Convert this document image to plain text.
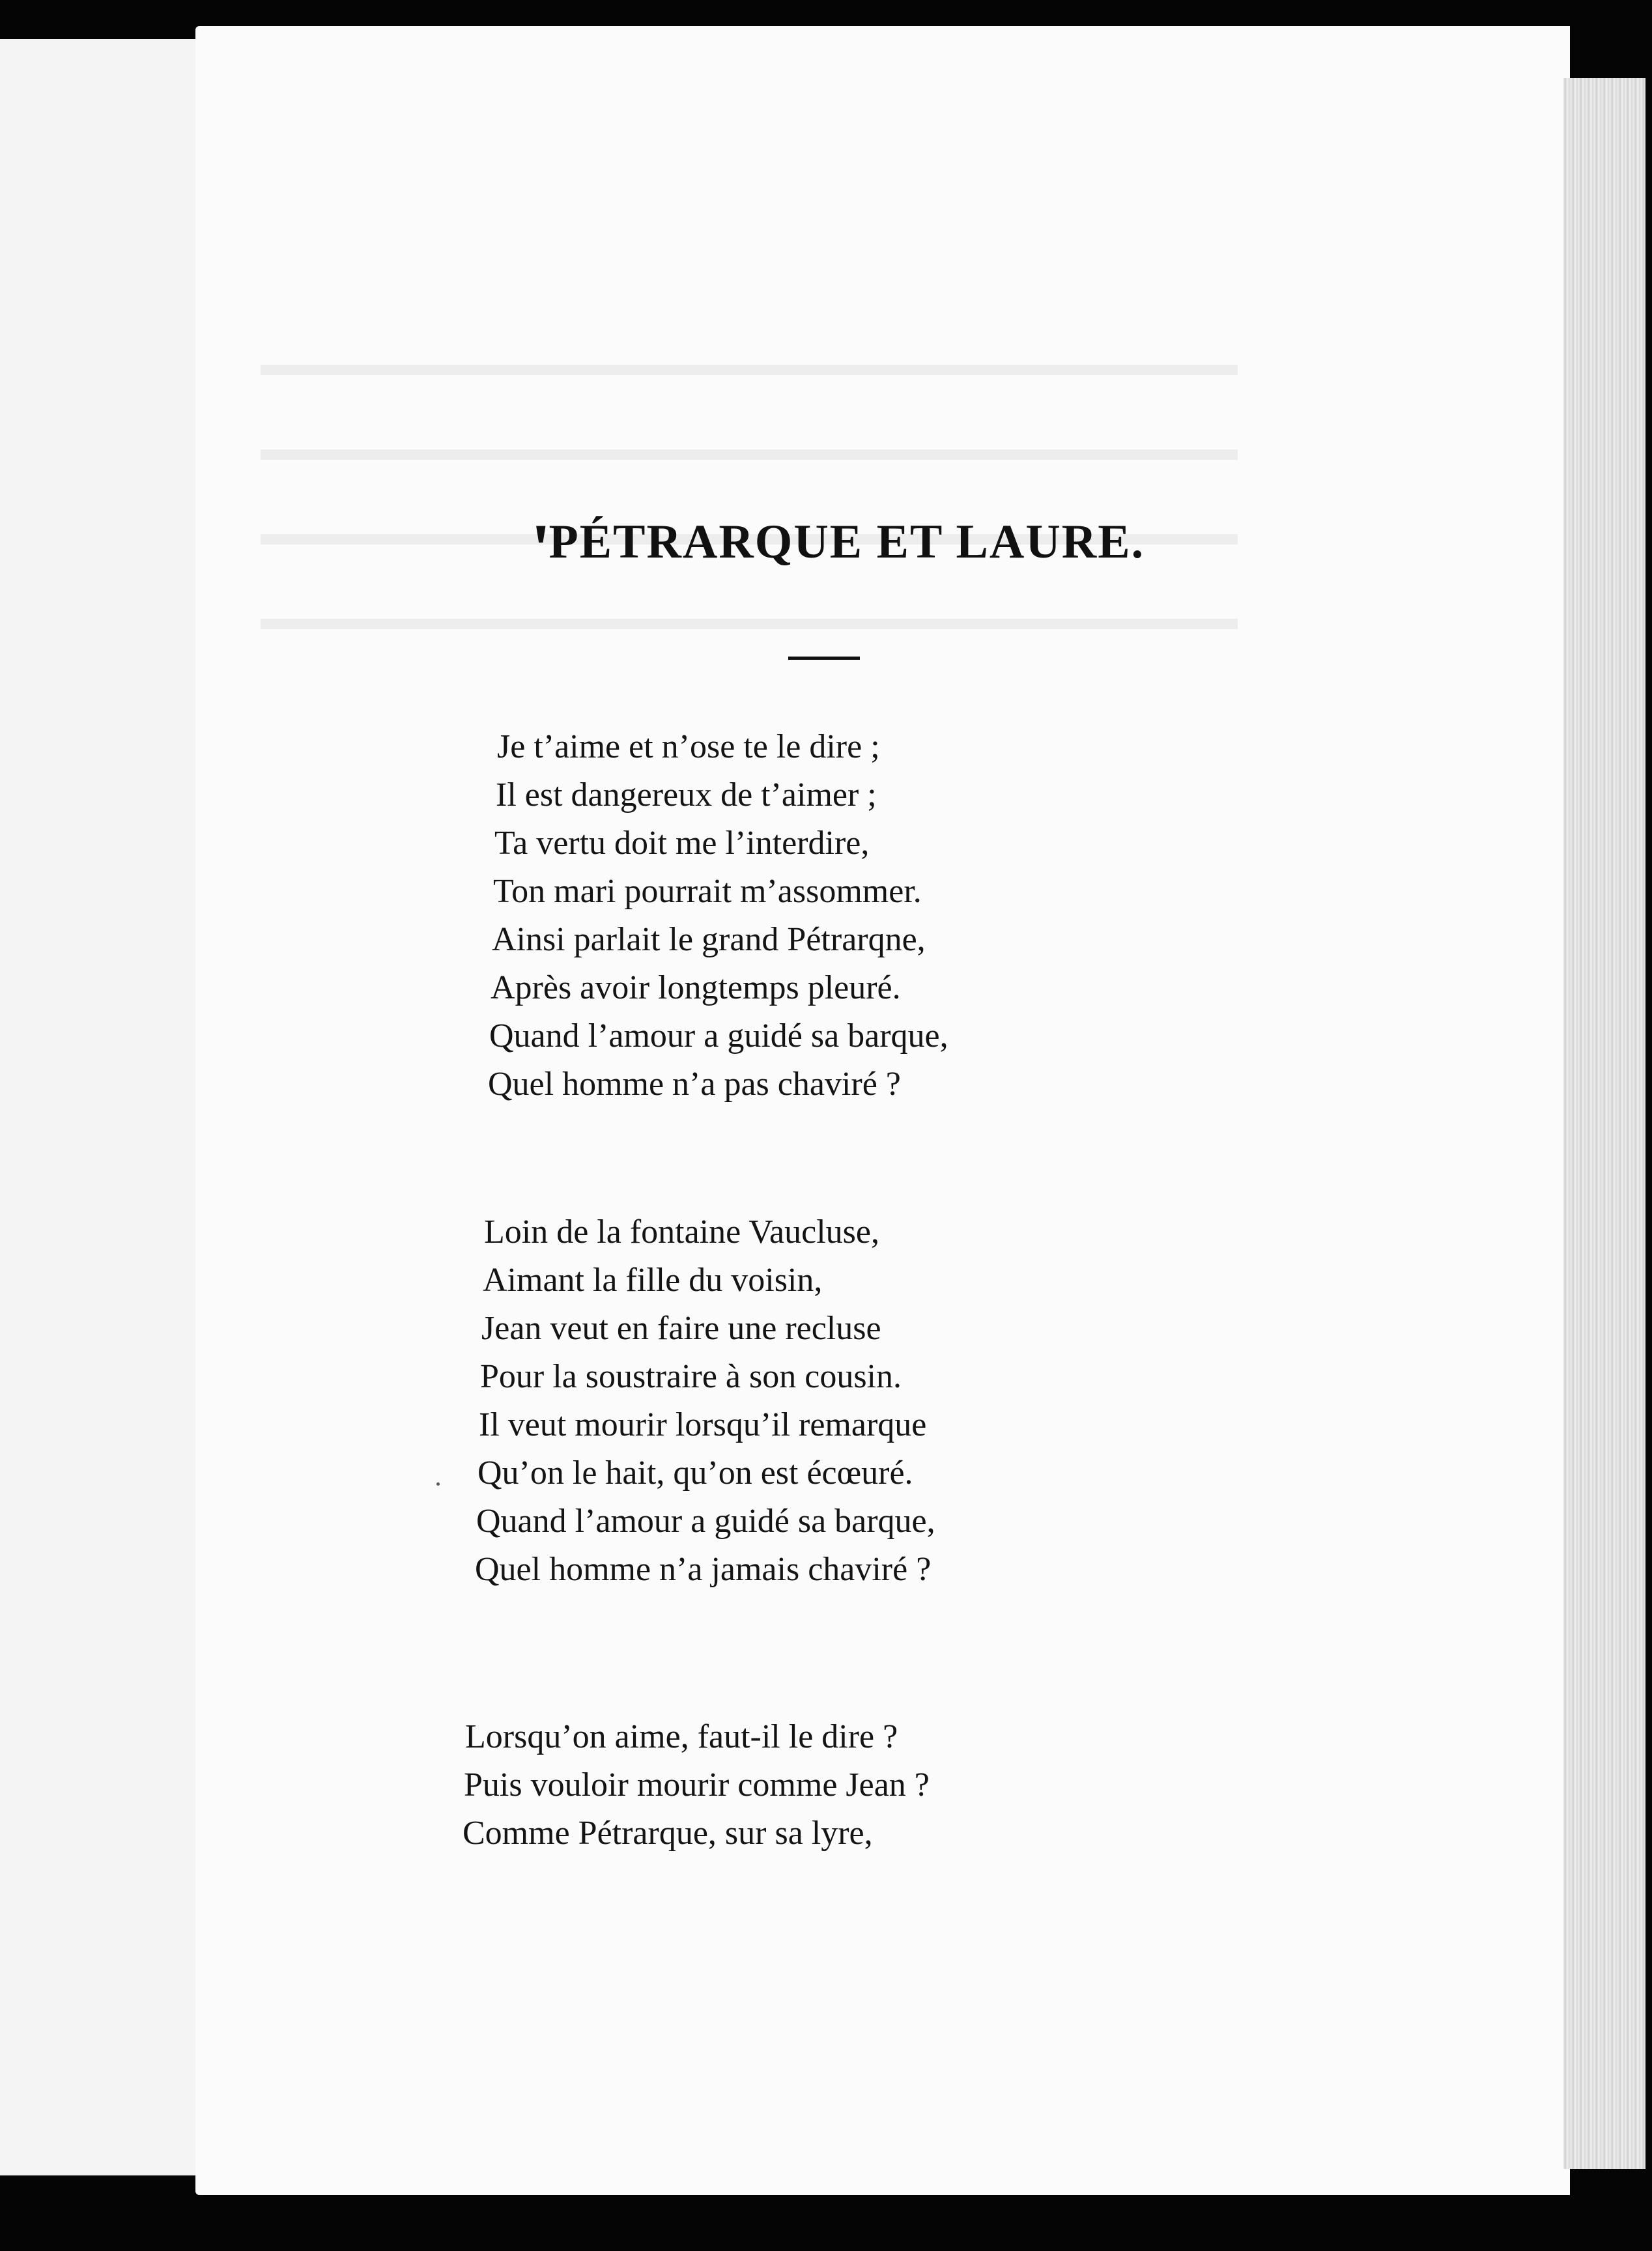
ꞌPÉTRARQUE ET LAURE.
Je t’aime et n’ose te le dire ;
Il est dangereux de t’aimer ;
Ta vertu doit me l’interdire,
Ton mari pourrait m’assommer.
Ainsi parlait le grand Pétrarqne,
Après avoir longtemps pleuré.
Quand l’amour a guidé sa barque,
Quel homme n’a pas chaviré ?
Loin de la fontaine Vaucluse,
Aimant la fille du voisin,
Jean veut en faire une recluse
Pour la soustraire à son cousin.
Il veut mourir lorsqu’il remarque
Qu’on le hait, qu’on est écœuré.
Quand l’amour a guidé sa barque,
Quel homme n’a jamais chaviré ?
Lorsqu’on aime, faut-il le dire ?
Puis vouloir mourir comme Jean ?
Comme Pétrarque, sur sa lyre,
